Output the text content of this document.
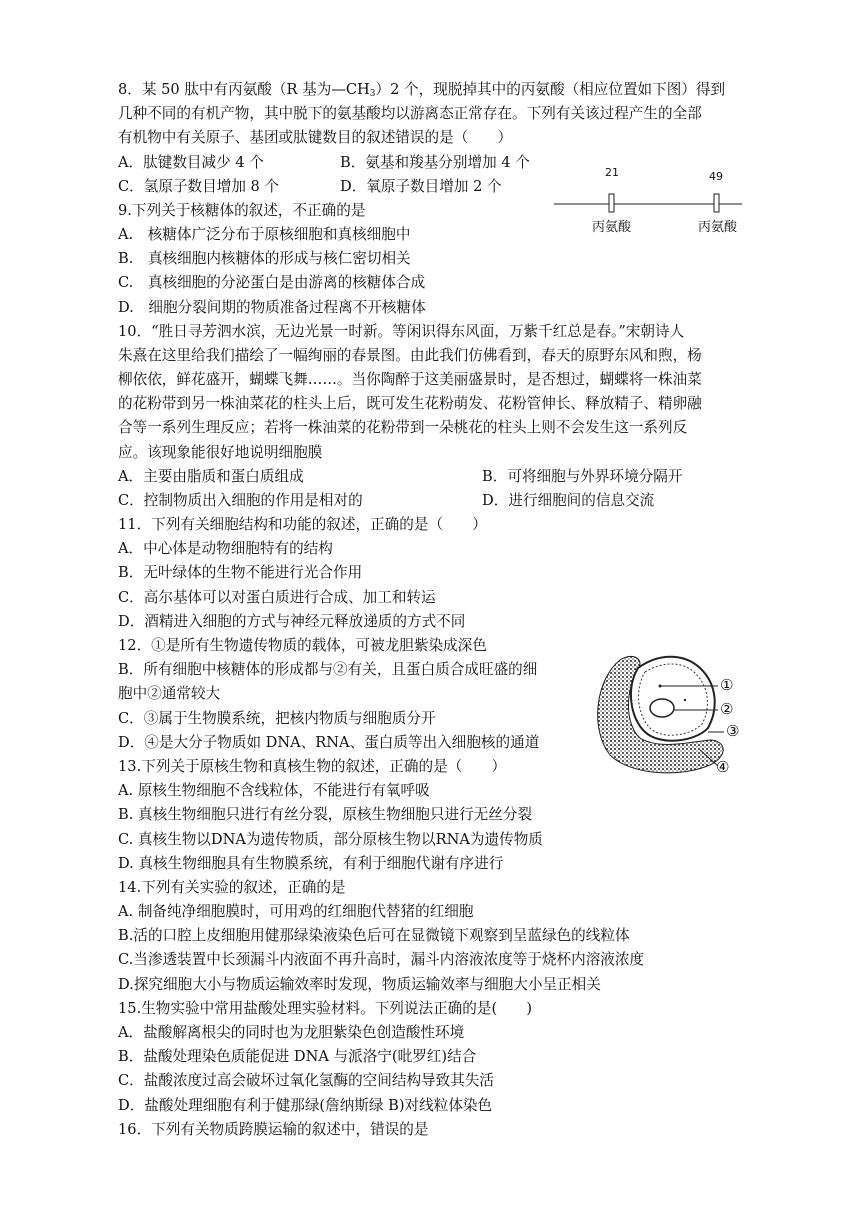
8．某 50 肽中有丙氨酸（R 基为$—CH_3)2$ 个，现脱掉其中的丙氨酸（相应位置如下图）得到
几种不同的有机产物，其中脱下的氨基酸均以游离态正常存在。下列有关该过程产生的全部
有机物中有关原子、基团或肽键数目的叙述错误的是（　　）
A．肽键数目减少 4 个	B．氨基和羧基分别增加 4 个
C．氢原子数目增加 8 个	D．氧原子数目增加 2 个
21	49
丙氨酸	丙氨酸
9.下列关于核糖体的叙述，不正确的是
A.　核糖体广泛分布于原核细胞和真核细胞中
B.　真核细胞内核糖体的形成与核仁密切相关
C.　真核细胞的分泌蛋白是由游离的核糖体合成
D.　细胞分裂间期的物质准备过程离不开核糖体
10．“胜日寻芳泗水滨，无边光景一时新。等闲识得东风面，万紫千红总是春。”宋朝诗人
朱熹在这里给我们描绘了一幅绚丽的春景图。由此我们仿佛看到，春天的原野东风和煦，杨
柳依依，鲜花盛开，蝴蝶飞舞……。当你陶醉于这美丽盛景时，是否想过，蝴蝶将一株油菜
的花粉带到另一株油菜花的柱头上后，既可发生花粉萌发、花粉管伸长、释放精子、精卵融
合等一系列生理反应；若将一株油菜的花粉带到一朵桃花的柱头上则不会发生这一系列反
应。该现象能很好地说明细胞膜
A．主要由脂质和蛋白质组成	B．可将细胞与外界环境分隔开
C．控制物质出入细胞的作用是相对的	D．进行细胞间的信息交流
11．下列有关细胞结构和功能的叙述，正确的是（　　）
A．中心体是动物细胞特有的结构
B．无叶绿体的生物不能进行光合作用
C．高尔基体可以对蛋白质进行合成、加工和转运
D．酒精进入细胞的方式与神经元释放递质的方式不同
12．①是所有生物遗传物质的载体，可被龙胆紫染成深色
B．所有细胞中核糖体的形成都与②有关，且蛋白质合成旺盛的细
胞中②通常较大
C．③属于生物膜系统，把核内物质与细胞质分开
D．④是大分子物质如 DNA、RNA、蛋白质等出入细胞核的通道
①
②
③
④
13.下列关于原核生物和真核生物的叙述，正确的是（　　）
A. 原核生物细胞不含线粒体，不能进行有氧呼吸
B. 真核生物细胞只进行有丝分裂，原核生物细胞只进行无丝分裂
C. 真核生物以DNA为遗传物质，部分原核生物以RNA为遗传物质
D. 真核生物细胞具有生物膜系统，有利于细胞代谢有序进行
14.下列有关实验的叙述，正确的是
A. 制备纯净细胞膜时，可用鸡的红细胞代替猪的红细胞
B.活的口腔上皮细胞用健那绿染液染色后可在显微镜下观察到呈蓝绿色的线粒体
C.当渗透装置中长颈漏斗内液面不再升高时，漏斗内溶液浓度等于烧杯内溶液浓度
D.探究细胞大小与物质运输效率时发现，物质运输效率与细胞大小呈正相关
15.生物实验中常用盐酸处理实验材料。下列说法正确的是(　　)
A．盐酸解离根尖的同时也为龙胆紫染色创造酸性环境
B．盐酸处理染色质能促进 DNA 与派洛宁(吡罗红)结合
C．盐酸浓度过高会破坏过氧化氢酶的空间结构导致其失活
D．盐酸处理细胞有利于健那绿(詹纳斯绿 B)对线粒体染色
16．下列有关物质跨膜运输的叙述中，错误的是
